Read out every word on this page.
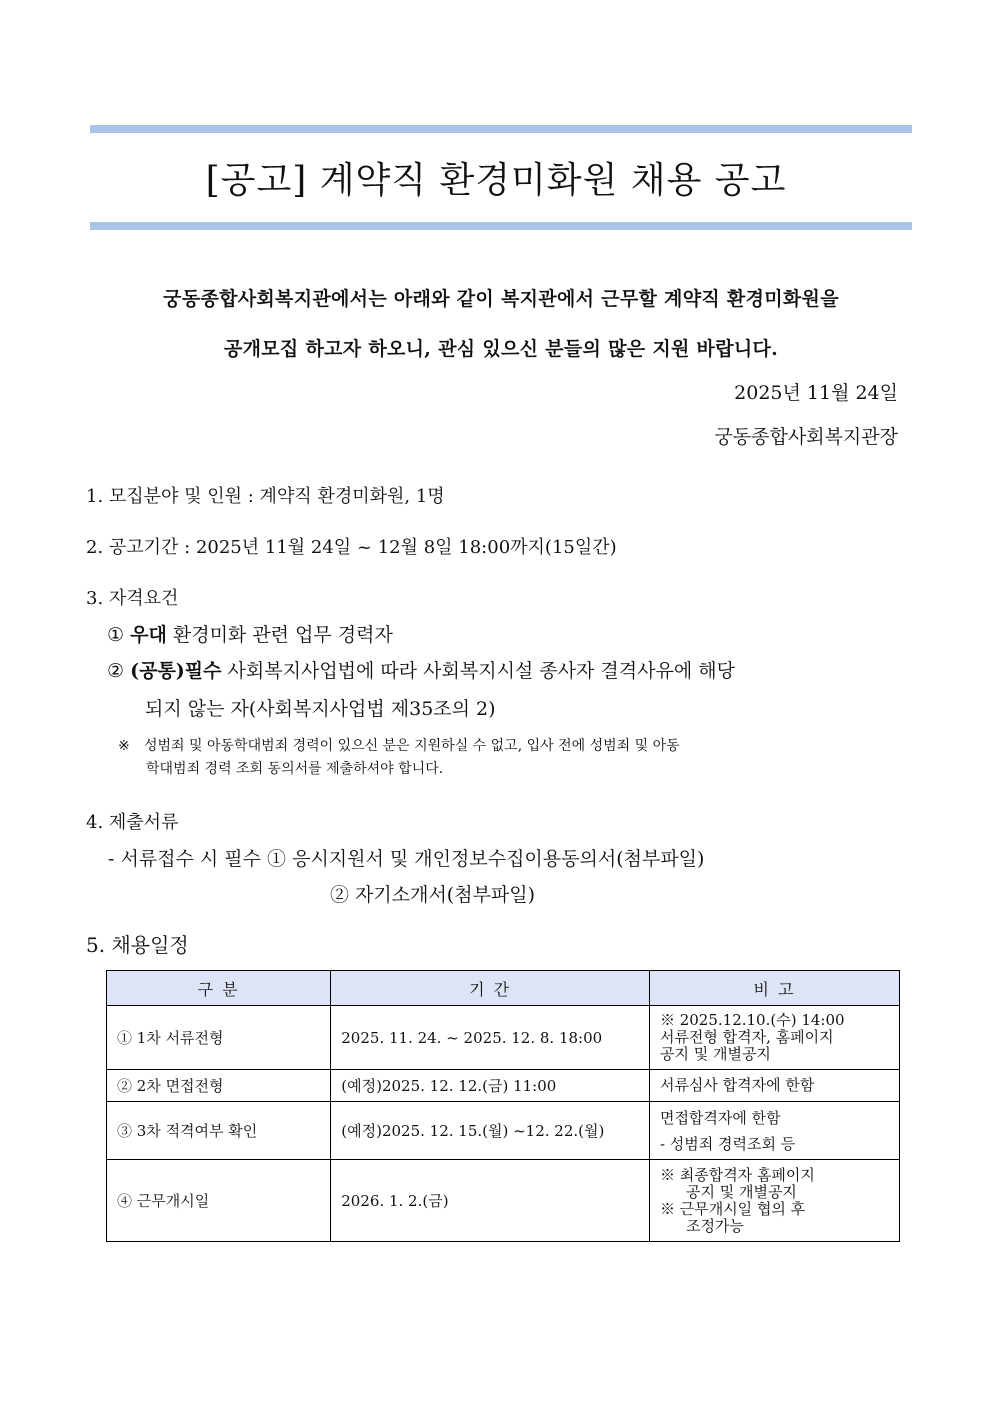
[공고] 계약직 환경미화원 채용 공고
궁동종합사회복지관에서는 아래와 같이 복지관에서 근무할 계약직 환경미화원을
공개모집 하고자 하오니, 관심 있으신 분들의 많은 지원 바랍니다.
2025년 11월 24일
궁동종합사회복지관장
1. 모집분야 및 인원 : 계약직 환경미화원, 1명
2. 공고기간 : 2025년 11월 24일 ~ 12월 8일 18:00까지(15일간)
3. 자격요건
① 우대 환경미화 관련 업무 경력자
② (공통)필수 사회복지사업법에 따라 사회복지시설 종사자 결격사유에 해당
되지 않는 자(사회복지사업법 제35조의 2)
※ 성범죄 및 아동학대범죄 경력이 있으신 분은 지원하실 수 없고, 입사 전에 성범죄 및 아동
학대범죄 경력 조회 동의서를 제출하셔야 합니다.
4. 제출서류
- 서류접수 시 필수 ① 응시지원서 및 개인정보수집이용동의서(첨부파일)
② 자기소개서(첨부파일)
5. 채용일정
구 분	기 간	비 고
① 1차 서류전형	2025. 11. 24. ~ 2025. 12. 8. 18:00	※ 2025.12.10.(수) 14:00
서류전형 합격자, 홈페이지
공지 및 개별공지

② 2차 면접전형	(예정)2025. 12. 12.(금) 11:00	서류심사 합격자에 한함

③ 3차 적격여부 확인	(예정)2025. 12. 15.(월) ~12. 22.(월)	면접합격자에 한함
- 성범죄 경력조회 등

④ 근무개시일	2026. 1. 2.(금)	※ 최종합격자 홈페이지
공지 및 개별공지
※ 근무개시일 협의 후
조정가능
